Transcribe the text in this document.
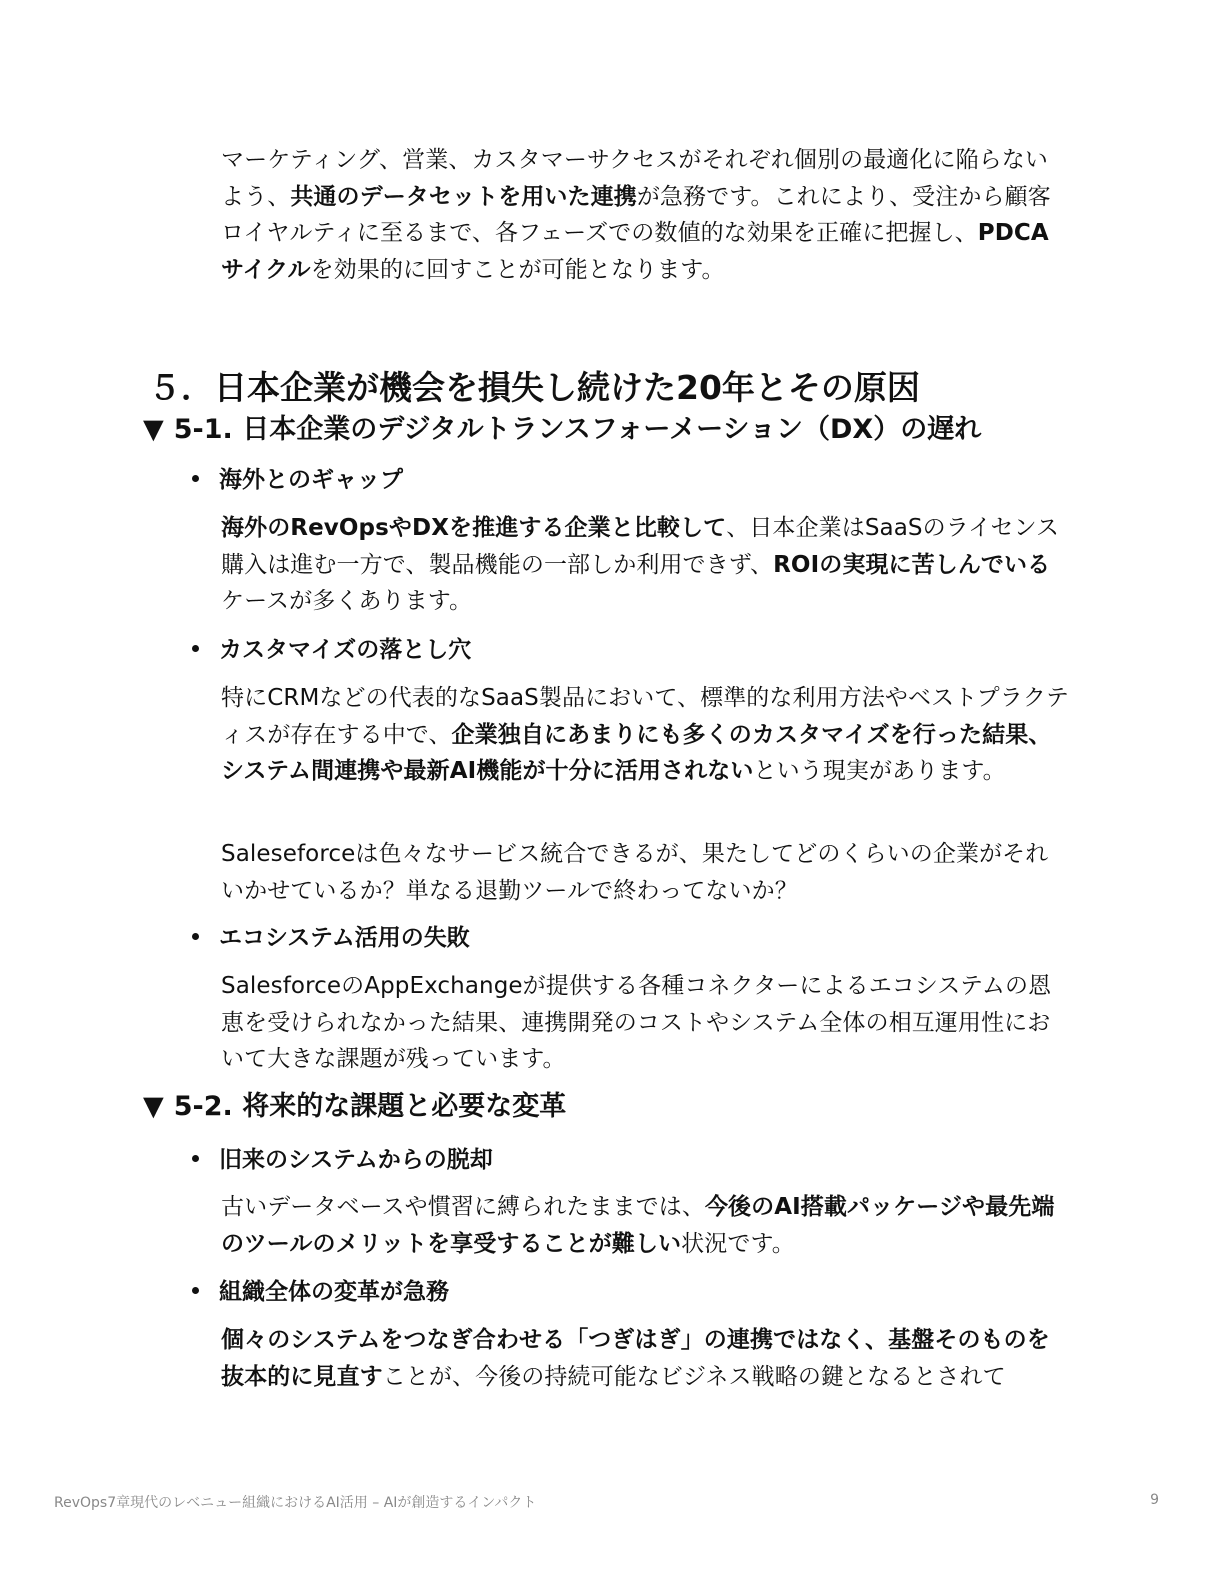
マーケティング、営業、カスタマーサクセスがそれぞれ個別の最適化に陥らないよう、共通のデータセットを用いた連携が急務です。これにより、受注から顧客ロイヤルティに至るまで、各フェーズでの数値的な効果を正確に把握し、PDCAサイクルを効果的に回すことが可能となります。

５．日本企業が機会を損失し続けた20年とその原因
▼ 5-1. 日本企業のデジタルトランスフォーメーション（DX）の遅れ
海外とのギャップ

海外のRevOpsやDXを推進する企業と比較して、日本企業はSaaSのライセンス購入は進む一方で、製品機能の一部しか利用できず、ROIの実現に苦しんでいるケースが多くあります。

カスタマイズの落とし穴

特にCRMなどの代表的なSaaS製品において、標準的な利用方法やベストプラクティスが存在する中で、企業独自にあまりにも多くのカスタマイズを行った結果、システム間連携や最新AI機能が十分に活用されないという現実があります。

Saleseforceは色々なサービス統合できるが、果たしてどのくらいの企業がそれいかせているか？単なる退勤ツールで終わってないか？

エコシステム活用の失敗

SalesforceのAppExchangeが提供する各種コネクターによるエコシステムの恩恵を受けられなかった結果、連携開発のコストやシステム全体の相互運用性において大きな課題が残っています。

▼ 5-2. 将来的な課題と必要な変革
旧来のシステムからの脱却

古いデータベースや慣習に縛られたままでは、今後のAI搭載パッケージや最先端のツールのメリットを享受することが難しい状況です。

組織全体の変革が急務

個々のシステムをつなぎ合わせる「つぎはぎ」の連携ではなく、基盤そのものを抜本的に見直すことが、今後の持続可能なビジネス戦略の鍵となるとされて

RevOps7章現代のレベニュー組織におけるAI活用 – AIが創造するインパクト	9
